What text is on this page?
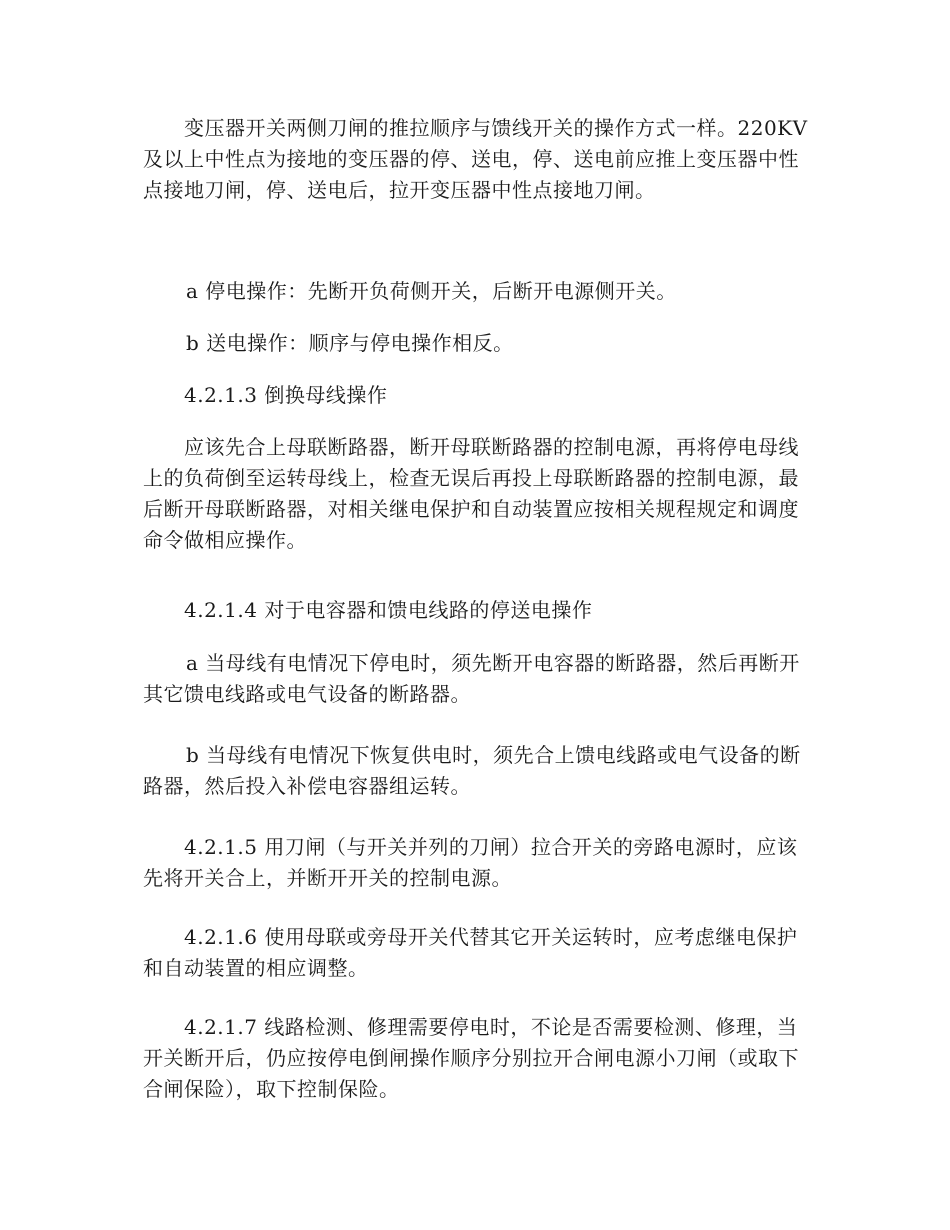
变压器开关两侧刀闸的推拉顺序与馈线开关的操作方式一样。220KV及以上中性点为接地的变压器的停、送电，停、送电前应推上变压器中性点接地刀闸，停、送电后，拉开变压器中性点接地刀闸。

a 停电操作：先断开负荷侧开关，后断开电源侧开关。

b 送电操作：顺序与停电操作相反。

4.2.1.3 倒换母线操作

应该先合上母联断路器，断开母联断路器的控制电源，再将停电母线上的负荷倒至运转母线上，检查无误后再投上母联断路器的控制电源，最后断开母联断路器，对相关继电保护和自动装置应按相关规程规定和调度命令做相应操作。

4.2.1.4 对于电容器和馈电线路的停送电操作

a 当母线有电情况下停电时，须先断开电容器的断路器，然后再断开其它馈电线路或电气设备的断路器。

b 当母线有电情况下恢复供电时，须先合上馈电线路或电气设备的断路器，然后投入补偿电容器组运转。

4.2.1.5 用刀闸（与开关并列的刀闸）拉合开关的旁路电源时，应该先将开关合上，并断开开关的控制电源。

4.2.1.6 使用母联或旁母开关代替其它开关运转时，应考虑继电保护和自动装置的相应调整。

4.2.1.7 线路检测、修理需要停电时，不论是否需要检测、修理，当开关断开后，仍应按停电倒闸操作顺序分别拉开合闸电源小刀闸（或取下合闸保险），取下控制保险。
